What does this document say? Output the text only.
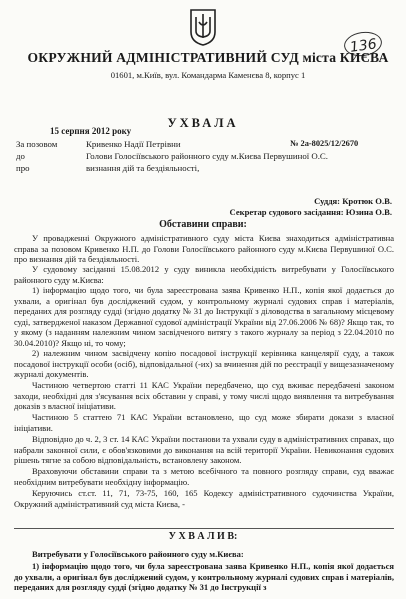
136
ОКРУЖНИЙ АДМІНІСТРАТИВНИЙ СУД міста КИЄВА
01601, м.Київ, вул. Командарма Каменєва 8, корпус 1
УХВАЛА
15 серпня 2012 року
№ 2а-8025/12/2670
За позовом	Кривенко Надії Петрівни
до	Голови Голосіївського районного суду м.Києва Первушиної О.С.
про	визнання дій та бездіяльності,
Суддя: Кротюк О.В.
Секретар судового засідання: Юзина О.В.
Обставини справи:
У провадженні Окружного адміністративного суду міста Києва знаходиться адміністративна справа за позовом Кривенко Н.П. до Голови Голосіївського районного суду м.Києва Первушиної О.С. про визнання дій та бездіяльності.
У судовому засіданні 15.08.2012 у суду виникла необхідність витребувати у Голосіївського районного суду м.Києва:
1) інформацію щодо того, чи була зареєстрована заява Кривенко Н.П., копія якої додається до ухвали, а оригінал був досліджений судом, у контрольному журналі судових справ і матеріалів, переданих для розгляду судді (згідно додатку № 31 до Інструкції з діловодства в загальному місцевому суді, затвердженої наказом Державної судової адміністрації України від 27.06.2006 № 68)? Якщо так, то у якому (з наданням належним чином засвідченого витягу з такого журналу за період з 22.04.2010 по 30.04.2010)? Якщо ні, то чому;
2) належним чином засвідчену копію посадової інструкції керівника канцелярії суду, а також посадової інструкції особи (осіб), відповідальної (-их) за вчинення дій по реєстрації у вищезазначеному журналі документів.
Частиною четвертою статті 11 КАС України передбачено, що суд вживає передбачені законом заходи, необхідні для з'ясування всіх обставин у справі, у тому числі щодо виявлення та витребування доказів з власної ініціативи.
Частиною 5 статтею 71 КАС України встановлено, що суд може збирати докази з власної ініціативи.
Відповідно до ч. 2, 3 ст. 14 КАС України постанови та ухвали суду в адміністративних справах, що набрали законної сили, є обов'язковими до виконання на всій території України. Невиконання судових рішень тягне за собою відповідальність, встановлену законом.
Враховуючи обставини справи та з метою всебічного та повного розгляду справи, суд вважає необхідним витребувати необхідну інформацію.
Керуючись ст.ст. 11, 71, 73-75, 160, 165 Кодексу адміністративного судочинства України, Окружний адміністративний суд міста Києва, -
У Х В А Л И В:
Витребувати у Голосіївського районного суду м.Києва:
1) інформацію щодо того, чи була зареєстрована заява Кривенко Н.П., копія якої додається до ухвали, а оригінал був досліджений судом, у контрольному журналі судових справ і матеріалів, переданих для розгляду судді (згідно додатку № 31 до Інструкції з
